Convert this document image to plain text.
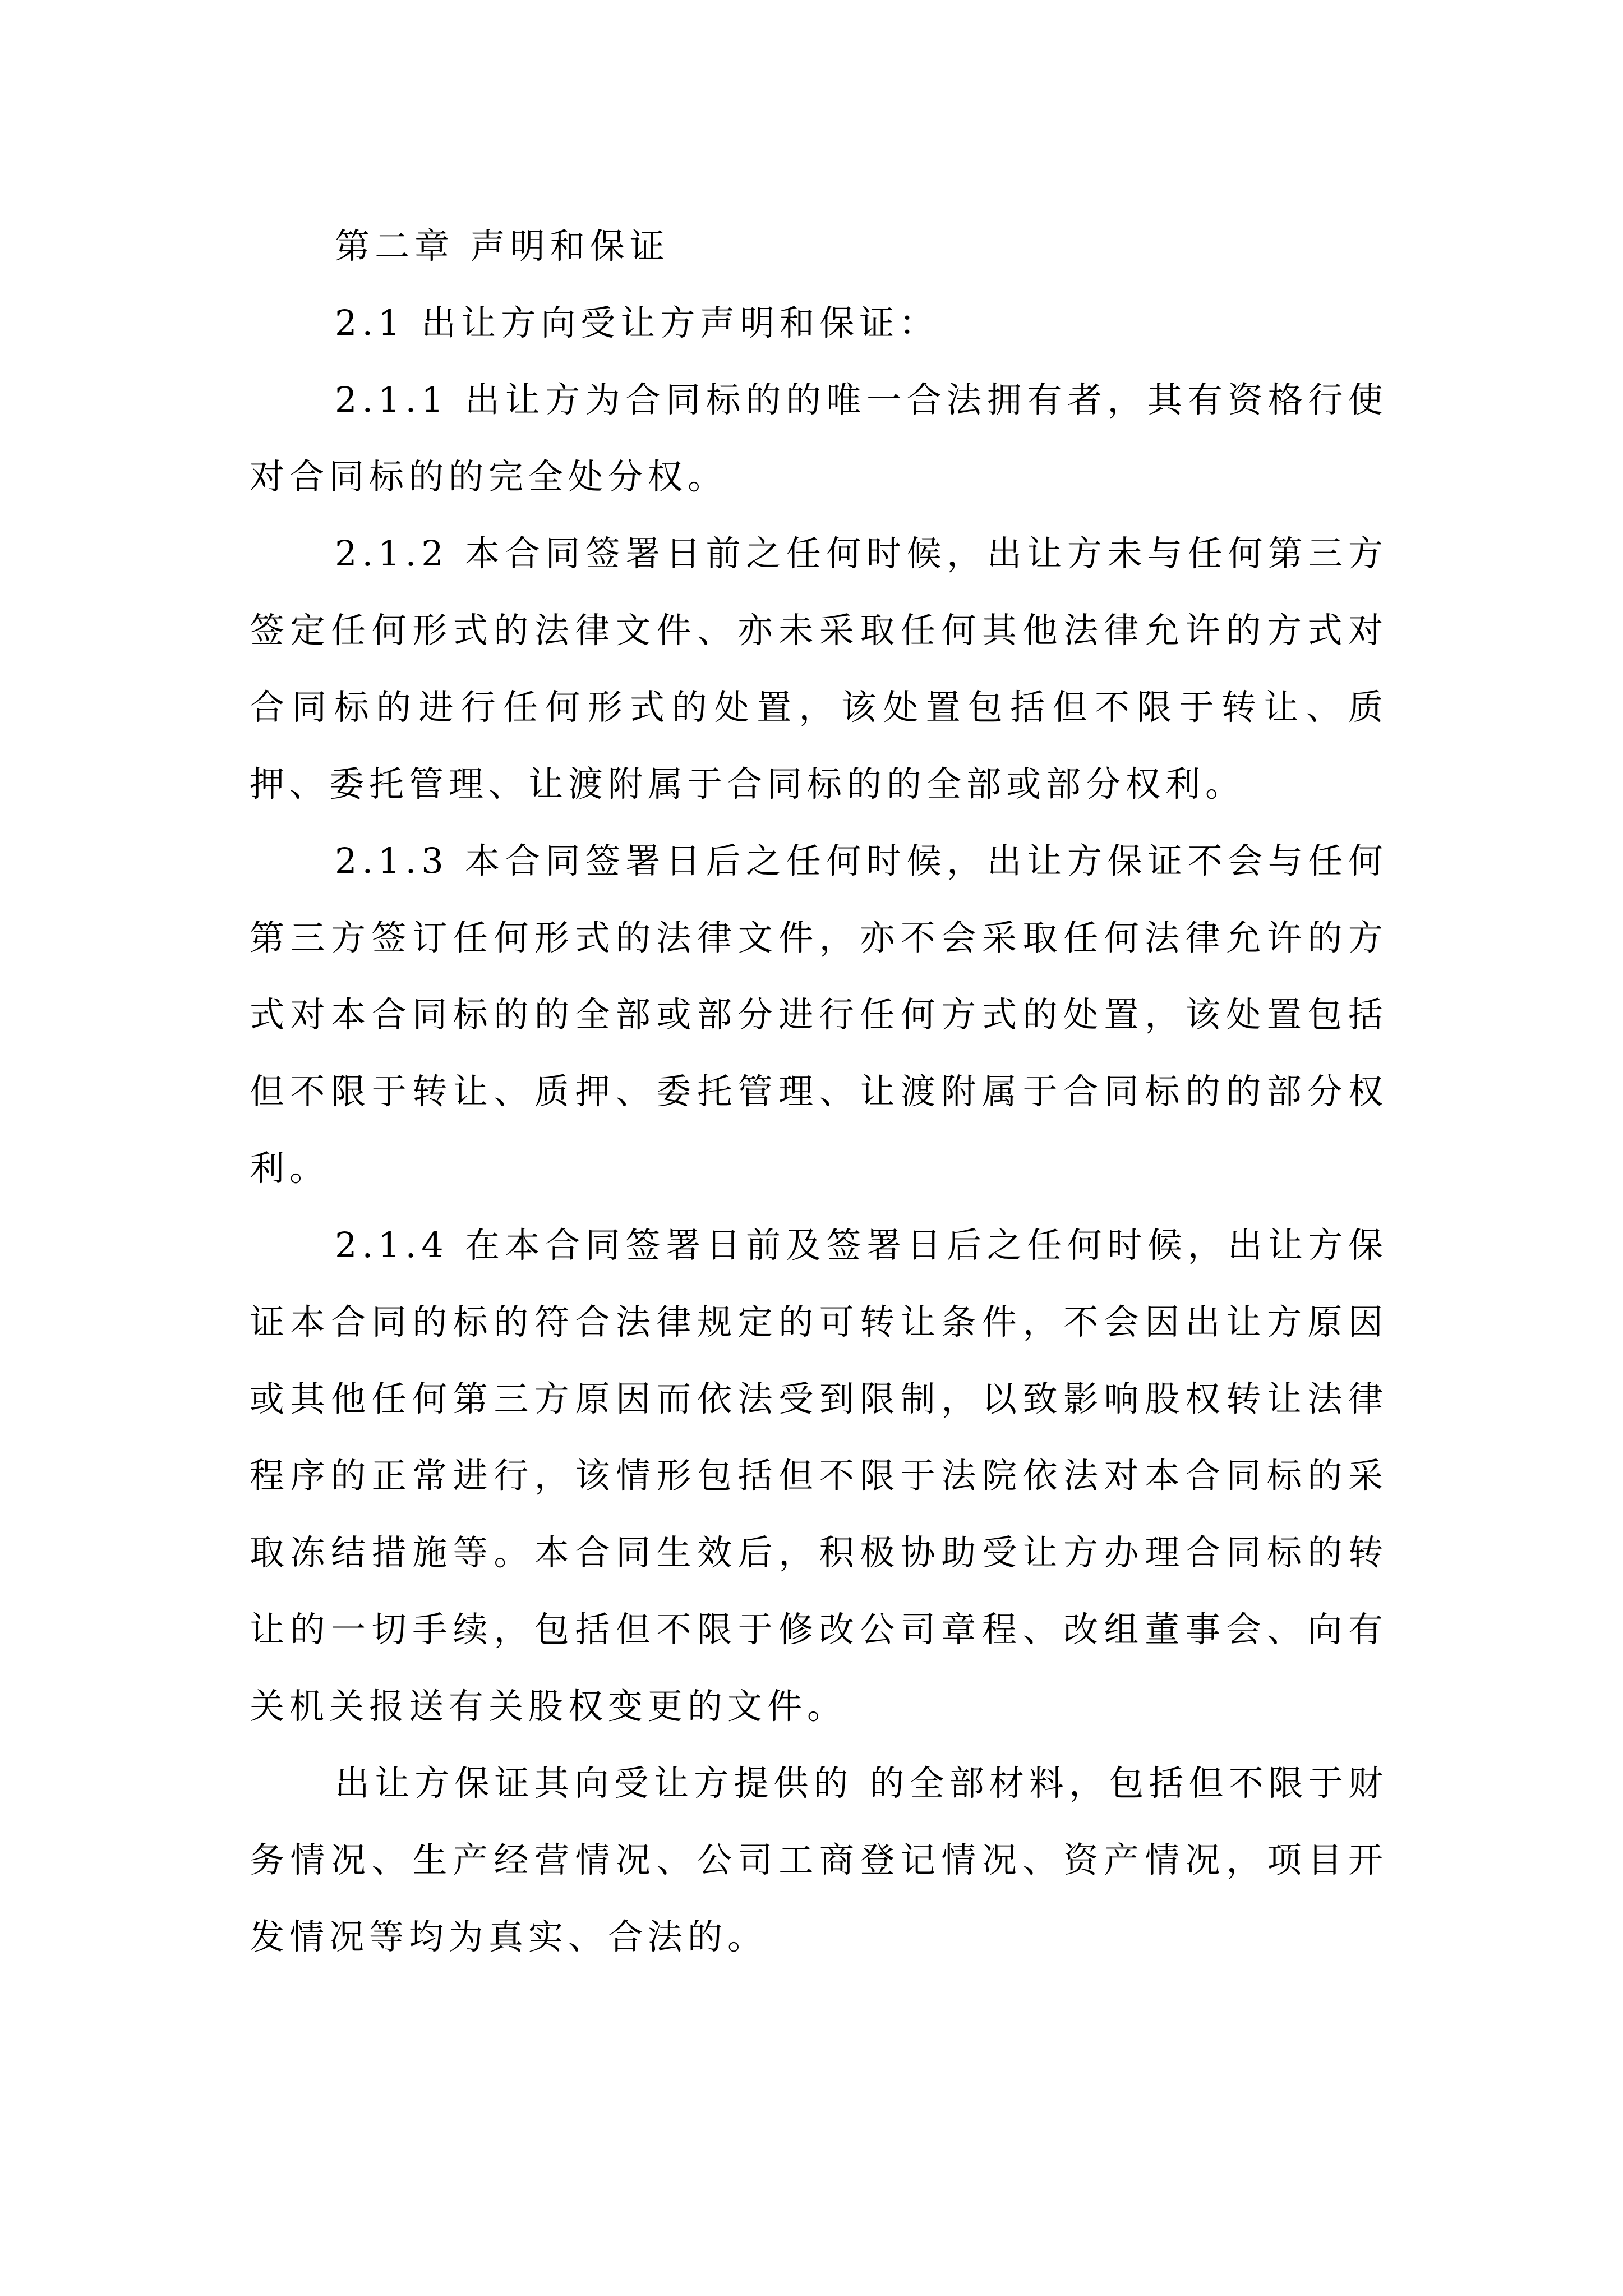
第二章 声明和保证

2.1 出让方向受让方声明和保证：

2.1.1 出让方为合同标的的唯一合法拥有者，其有资格行使对合同标的的完全处分权。

2.1.2 本合同签署日前之任何时候，出让方未与任何第三方签定任何形式的法律文件、亦未采取任何其他法律允许的方式对合同标的进行任何形式的处置，该处置包括但不限于转让、质押、委托管理、让渡附属于合同标的的全部或部分权利。

2.1.3 本合同签署日后之任何时候，出让方保证不会与任何第三方签订任何形式的法律文件，亦不会采取任何法律允许的方式对本合同标的的全部或部分进行任何方式的处置，该处置包括但不限于转让、质押、委托管理、让渡附属于合同标的的部分权利。

2.1.4 在本合同签署日前及签署日后之任何时候，出让方保证本合同的标的符合法律规定的可转让条件，不会因出让方原因或其他任何第三方原因而依法受到限制，以致影响股权转让法律程序的正常进行，该情形包括但不限于法院依法对本合同标的采取冻结措施等。本合同生效后，积极协助受让方办理合同标的转让的一切手续，包括但不限于修改公司章程、改组董事会、向有关机关报送有关股权变更的文件。

出让方保证其向受让方提供的 的全部材料，包括但不限于财务情况、生产经营情况、公司工商登记情况、资产情况，项目开发情况等均为真实、合法的。
